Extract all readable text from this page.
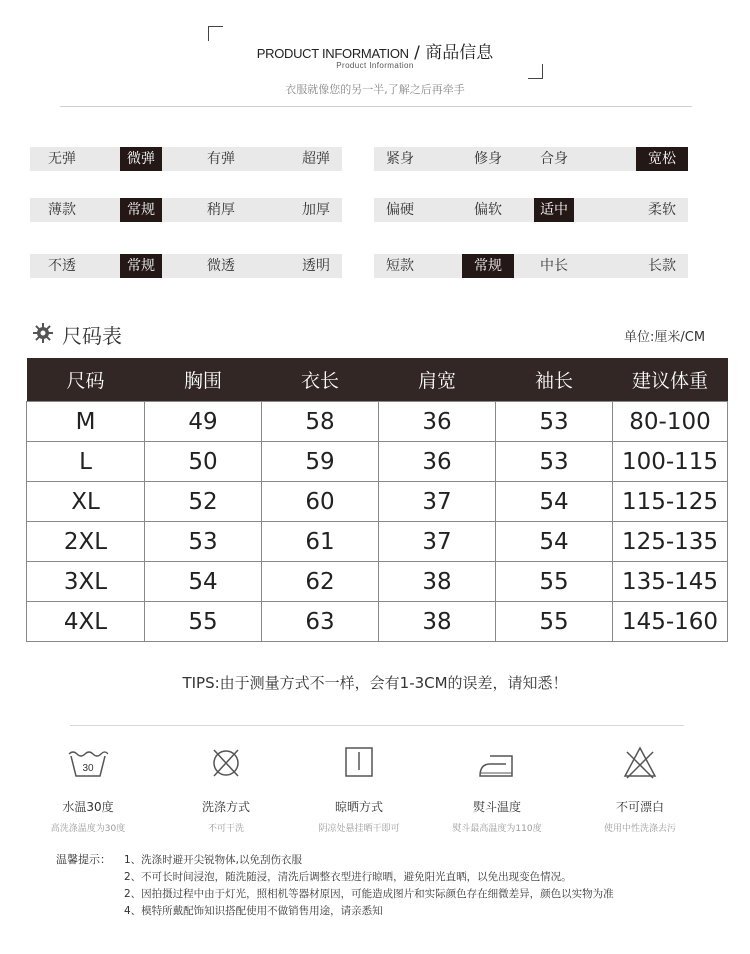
PRODUCT INFORMATION / 商品信息
Product Information
衣服就像您的另一半,了解之后再牵手
无弹	微弹	有弹	超弹	紧身	修身	合身	宽松
薄款	常规	稍厚	加厚	偏硬	偏软	适中	柔软
不透	常规	微透	透明	短款	常规	中长	长款
尺码表	单位:厘米/CM
尺码	胸围	衣长	肩宽	袖长	建议体重
M	49	58	36	53	80-100
L	50	59	36	53	100-115
XL	52	60	37	54	115-125
2XL	53	61	37	54	125-135
3XL	54	62	38	55	135-145
4XL	55	63	38	55	145-160
TIPS:由于测量方式不一样，会有1-3CM的误差，请知悉！
30
水温30度
高洗涤温度为30度
洗涤方式
不可干洗
晾晒方式
阴凉处悬挂晒干即可
熨斗温度
熨斗最高温度为110度
不可漂白
使用中性洗涤去污
温馨提示： 1、洗涤时避开尖锐物体,以免刮伤衣服
2、不可长时间浸泡，随洗随浸，清洗后调整衣型进行晾晒，避免阳光直晒，以免出现变色情况。
2、因拍摄过程中由于灯光，照相机等器材原因，可能造成图片和实际颜色存在细微差异，颜色以实物为准
4、模特所戴配饰知识搭配使用不做销售用途，请亲悉知
